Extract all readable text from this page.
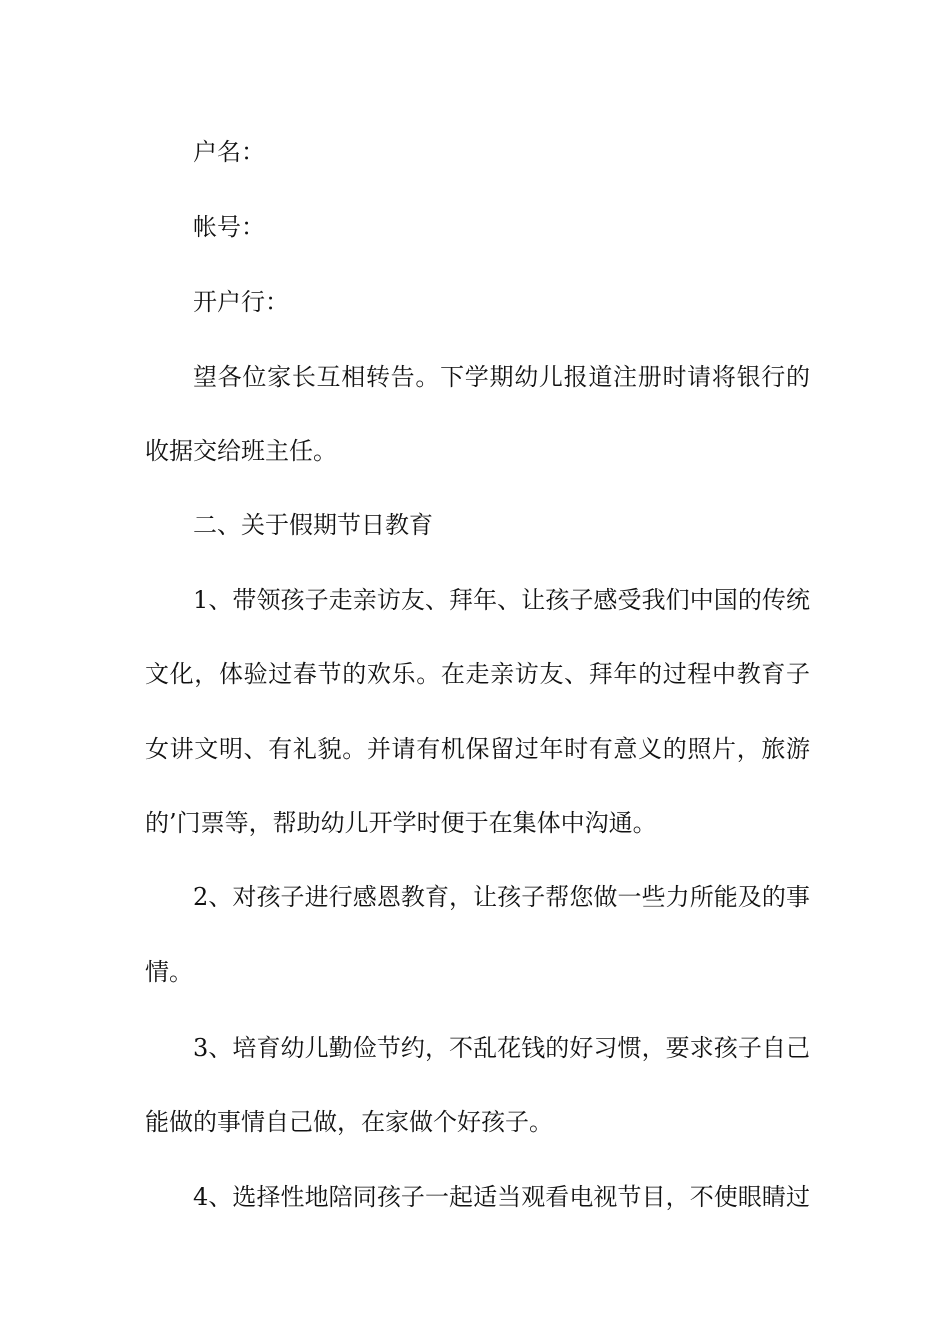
户名：
帐号：
开户行：
望各位家长互相转告。下学期幼儿报道注册时请将银行的
收据交给班主任。
二、关于假期节日教育
1、带领孩子走亲访友、拜年、让孩子感受我们中国的传统
文化，体验过春节的欢乐。在走亲访友、拜年的过程中教育子
女讲文明、有礼貌。并请有机保留过年时有意义的照片，旅游
的’门票等，帮助幼儿开学时便于在集体中沟通。
2、对孩子进行感恩教育，让孩子帮您做一些力所能及的事
情。
3、培育幼儿勤俭节约，不乱花钱的好习惯，要求孩子自己
能做的事情自己做，在家做个好孩子。
4、选择性地陪同孩子一起适当观看电视节目，不使眼睛过
